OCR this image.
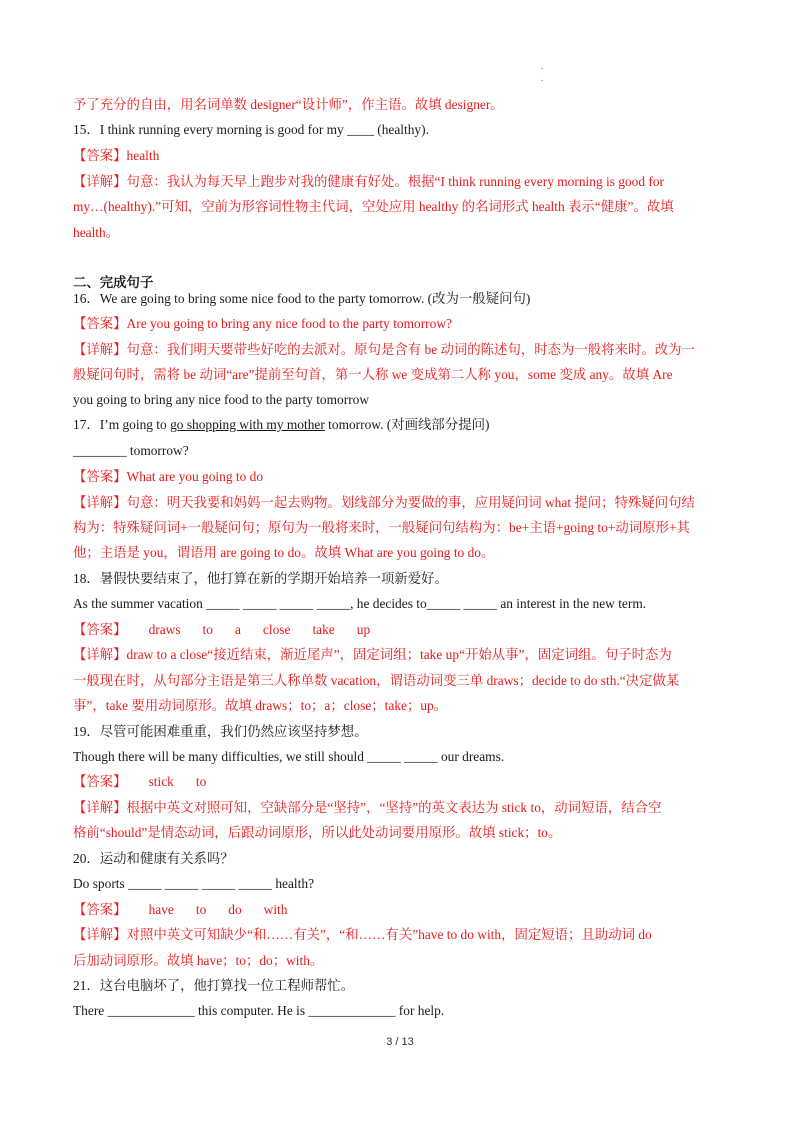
.
.
予了充分的自由，用名词单数 designer“设计师”，作主语。故填 designer。
15．I think running every morning is good for my ____ (healthy).
【答案】health
【详解】句意：我认为每天早上跑步对我的健康有好处。根据“I think running every morning is good for
my…(healthy).”可知，空前为形容词性物主代词，空处应用 healthy 的名词形式 health 表示“健康”。故填
health。
二、完成句子
16．We are going to bring some nice food to the party tomorrow. (改为一般疑问句)
【答案】Are you going to bring any nice food to the party tomorrow?
【详解】句意：我们明天要带些好吃的去派对。原句是含有 be 动词的陈述句，时态为一般将来时。改为一
般疑问句时，需将 be 动词“are”提前至句首，第一人称 we 变成第二人称 you，some 变成 any。故填 Are
you going to bring any nice food to the party tomorrow
17．I’m going to go shopping with my mother tomorrow. (对画线部分提问)
________ tomorrow?
【答案】What are you going to do
【详解】句意：明天我要和妈妈一起去购物。划线部分为要做的事，应用疑问词 what 提问；特殊疑问句结
构为：特殊疑问词+一般疑问句；原句为一般将来时，一般疑问句结构为：be+主语+going to+动词原形+其
他；主语是 you，谓语用 are going to do。故填 What are you going to do。
18．暑假快要结束了，他打算在新的学期开始培养一项新爱好。
As the summer vacation _____ _____ _____ _____, he decides to_____ _____ an interest in the new term.
【答案】 draws to a close take up
【详解】draw to a close“接近结束，渐近尾声”，固定词组；take up“开始从事”，固定词组。句子时态为
一般现在时，从句部分主语是第三人称单数 vacation，谓语动词变三单 draws；decide to do sth.“决定做某
事”，take 要用动词原形。故填 draws；to；a；close；take；up。
19．尽管可能困难重重，我们仍然应该坚持梦想。
Though there will be many difficulties, we still should _____ _____ our dreams.
【答案】 stick to
【详解】根据中英文对照可知，空缺部分是“坚持”，“坚持”的英文表达为 stick to，动词短语，结合空
格前“should”是情态动词，后跟动词原形，所以此处动词要用原形。故填 stick；to。
20．运动和健康有关系吗？
Do sports _____ _____ _____ _____ health?
【答案】 have to do with
【详解】对照中英文可知缺少“和……有关”，“和……有关”have to do with，固定短语；且助动词 do
后加动词原形。故填 have；to；do；with。
21．这台电脑坏了，他打算找一位工程师帮忙。
There _____________ this computer. He is _____________ for help.
3 / 13
